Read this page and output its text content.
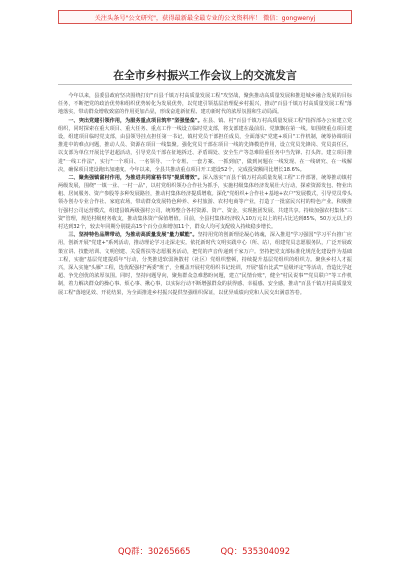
关注头条号"公文研究"，获得最新最全最专业的公文资料库！ 微信：gongwenyj
在全市乡村振兴工作会议上的交流发言

今年以来，县委县政府坚决围绕打好"百县千镇万村高质量发展工程"攻坚战，聚焦推动高质量发展和推进城乡融合发展的目标任务，不断把党的政治优势和组织优势转化为发展优势，以党建引领基层治理促乡村振兴，推动"百县千镇万村高质量发展工程"落地落实，带动群众增收致富的作用更加凸显，形成奋进新征程、建功新时代的浓厚氛围和生动局面。

一、突出党建引领作用，为服务重点项目筑牢"坚强堡垒"。在县、镇、村"百县千镇万村高质量发展工程"指挥部办公室建立党组织，同时探索在重大项目、重大任务、重点工作一线设立临时党支部，将支部建在最前沿、党旗飘在第一线。如围绕重点项目建设，组建项目临时党支部，由县领导挂点担任第一书记，镇村党员干部担任成员，全面落实"党建+项目"工作机制，统筹协调项目推进中的难点问题，推动人员、资源在项目一线集聚。强化党员干部在项目一线的先锋模范作用，设立党员先锋岗、党员责任区，以支部为单位开展比学赶超活动，引导党员干部在征地拆迁、矛盾调处、安全生产等急难险重任务中当先锋、打头阵。建立项目推进"一线工作法"，实行"一个项目、一名领导、一个专班、一套方案、一抓到底"，做到问题在一线发现、在一线研究、在一线解决，确保项目建设跑出加速度。今年以来，全县共推动重点项目开工建设52个，完成投资额同比增长18.6%。

二、聚焦强镇富村作用，为推进共同富裕书写"提质增效"。深入落实"百县千镇万村高质量发展工程"工作部署，统筹推动镇村两级发展，围绕"一镇一业、一村一品"，以村党组织领办合作社为抓手，实施村级集体经济发展壮大行动，探索资源发包、物业出租、居间服务、资产参股等多种发展路径，推动村集体经济提质增收。深化"党组织+合作社+基地+农户"发展模式，引导党员带头领办创办专业合作社、家庭农场，带动群众发展特色种养、乡村旅游、农村电商等产业，打造了一批富民兴村的特色产业。积极推行强村公司运营模式，组建县镇两级强村公司，统筹整合各村资源、资产、资金，实现抱团发展、共建共享。持续加强农村集体"三资"管理，规范村级财务收支，推动集体资产保值增值。目前，全县村集体经济收入10万元以上的村占比达到85%，50万元以上的村达到32个，较去年同期分别提高15个百分点和增加11个，群众人均可支配收入持续稳步增长。

三、坚持特色品牌带动，为推动高质量发展"量力赋能"。坚持用党的创新理论凝心铸魂，深入推进"学习强国"学习平台推广应用，创新开展"党建+"系列活动，推动理论学习走深走实。依托新时代文明实践中心（所、站），组建党员志愿服务队，广泛开展政策宣讲、技能培训、文明创建、关爱帮扶等志愿服务活动，把党的声音传递到千家万户。坚持把党支部标准化规范化建设作为基础工程，实施"基层党建提质年"行动，分类推进软弱涣散村（社区）党组织整顿，持续提升基层党组织的组织力。聚焦乡村人才振兴，深入实施"头雁"工程，选优配强村"两委"班子，全覆盖开展村党组织书记轮训，开展"擂台比武""星级评定"等活动，营造比学赶超、争先创优的浓厚氛围。同时，坚持问题导向，聚焦群众急难愁盼问题，建立"民情台账"，健全"村民说事""党员联户"等工作机制，着力解决群众的操心事、烦心事、揪心事，以实际行动不断增强群众的获得感、幸福感、安全感，推动"百县千镇万村高质量发展工程"落地见效、开花结果，为全面推进乡村振兴提供坚强组织保证，以优异成绩向党和人民交出满意答卷。

QQ群：30265665	QQ：535304092
